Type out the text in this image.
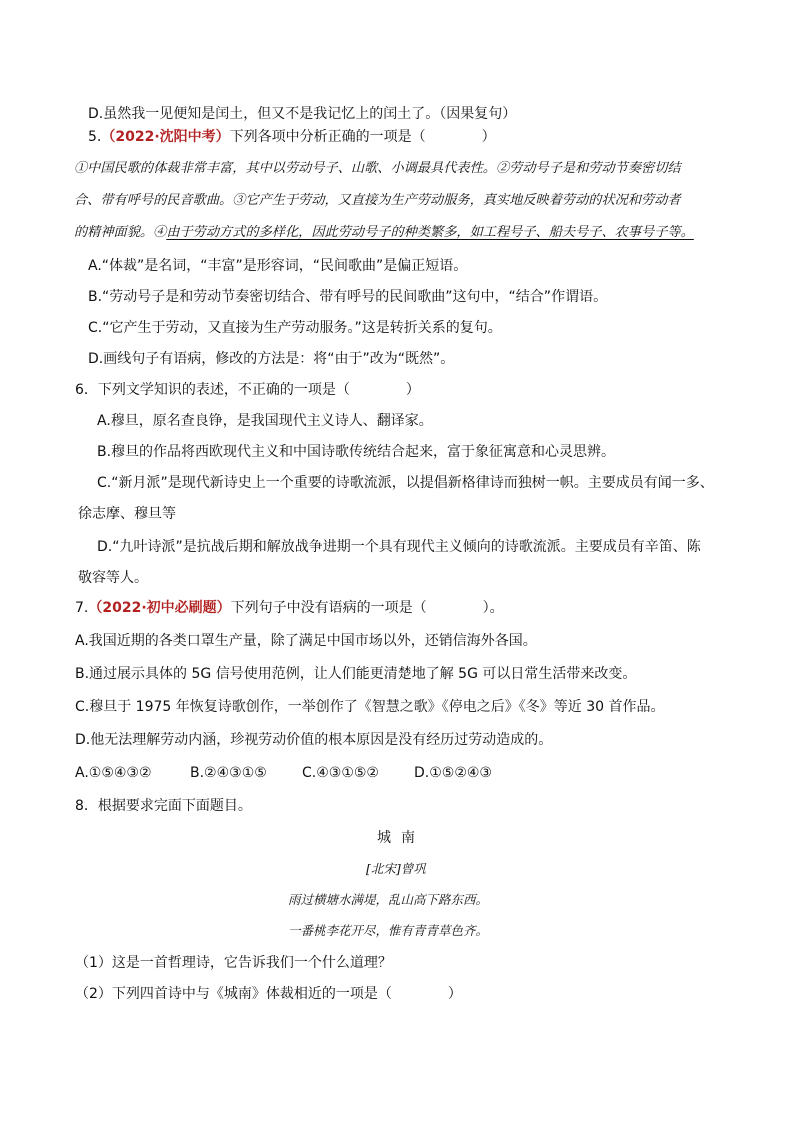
D.虽然我一见便知是闰土，但又不是我记忆上的闰土了。（因果复句）
5.（2022·沈阳中考）下列各项中分析正确的一项是（　　　　）
①中国民歌的体裁非常丰富，其中以劳动号子、山歌、小调最具代表性。②劳动号子是和劳动节奏密切结
合、带有呼号的民音歌曲。③它产生于劳动，又直接为生产劳动服务，真实地反映着劳动的状况和劳动者
的精神面貌。④由于劳动方式的多样化，因此劳动号子的种类繁多，如工程号子、船夫号子、农事号子等。
A.“体裁”是名词，“丰富”是形容词，“民间歌曲”是偏正短语。
B.“劳动号子是和劳动节奏密切结合、带有呼号的民间歌曲”这句中，“结合”作谓语。
C.“它产生于劳动，又直接为生产劳动服务。”这是转折关系的复句。
D.画线句子有语病，修改的方法是：将“由于”改为“既然”。
6．下列文学知识的表述，不正确的一项是（　　　　）
A.穆旦，原名查良铮，是我国现代主义诗人、翻译家。
B.穆旦的作品将西欧现代主义和中国诗歌传统结合起来，富于象征寓意和心灵思辨。
C.“新月派”是现代新诗史上一个重要的诗歌流派，以提倡新格律诗而独树一帜。主要成员有闻一多、
徐志摩、穆旦等
D.“九叶诗派”是抗战后期和解放战争进期一个具有现代主义倾向的诗歌流派。主要成员有辛笛、陈
敬容等人。
7.（2022·初中必刷题）下列句子中没有语病的一项是（　　　　）。
A.我国近期的各类口罩生产量，除了满足中国市场以外，还销信海外各国。
B.通过展示具体的 5G 信号使用范例，让人们能更清楚地了解 5G 可以日常生活带来改变。
C.穆旦于 1975 年恢复诗歌创作，一举创作了《智慧之歌》《停电之后》《冬》等近 30 首作品。
D.他无法理解劳动内涵，珍视劳动价值的根本原因是没有经历过劳动造成的。
A.①⑤④③②	B.②④③①⑤	C.④③①⑤②	D.①⑤②④③
8．根据要求完面下面题目。
城南
[北宋]曾巩
雨过横塘水满堤，乱山高下路东西。
一番桃李花开尽，惟有青青草色齐。
（1）这是一首哲理诗，它告诉我们一个什么道理？
（2）下列四首诗中与《城南》体裁相近的一项是（　　　　）
